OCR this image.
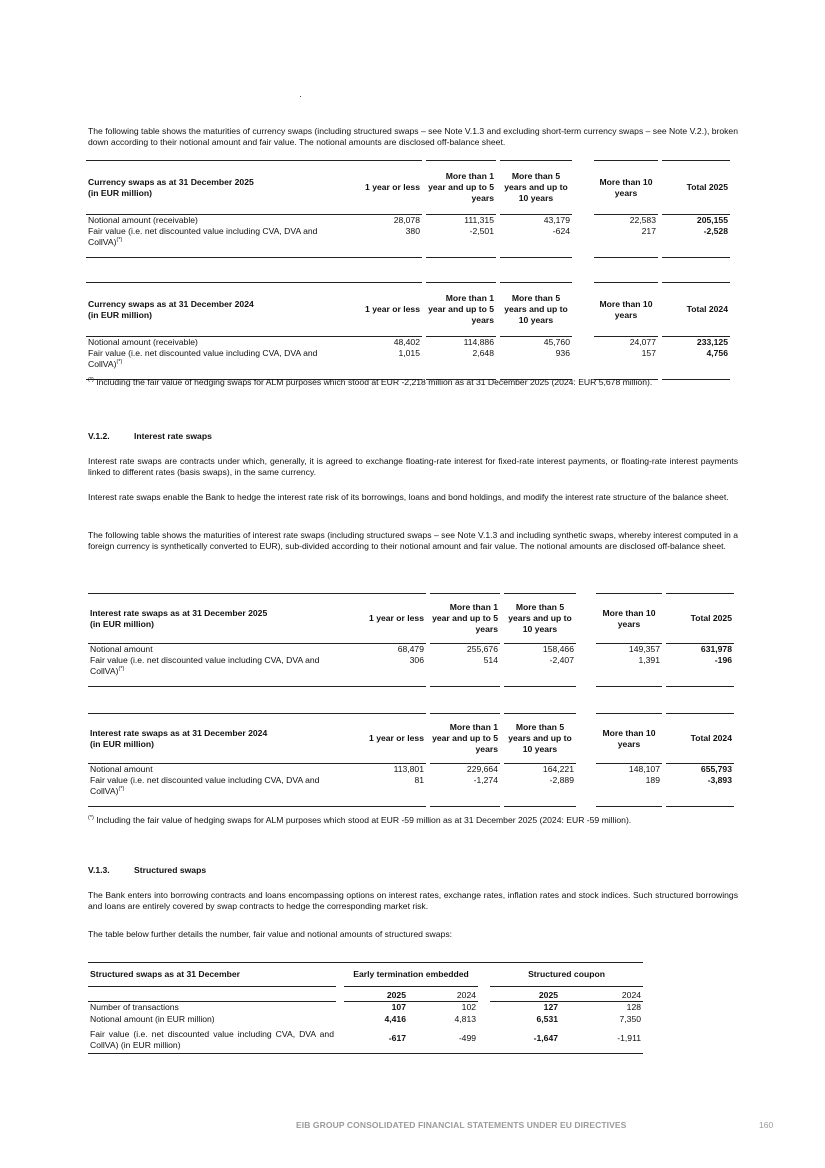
The following table shows the maturities of currency swaps (including structured swaps – see Note V.1.3 and excluding short-term currency swaps – see Note V.2.), broken down according to their notional amount and fair value. The notional amounts are disclosed off-balance sheet.

Currency swaps as at 31 December 2025
(in EUR million)	1 year or less		More than 1 year and up to 5 years		More than 5 years and up to 10 years		More than 10 years		Total 2025
Notional amount (receivable)	28,078		111,315		43,179		22,583		205,155
Fair value (i.e. net discounted value including CVA, DVA and CollVA)(*)	380		-2,501		-624		217		-2,528
Currency swaps as at 31 December 2024
(in EUR million)	1 year or less		More than 1 year and up to 5 years		More than 5 years and up to 10 years		More than 10 years		Total 2024
Notional amount (receivable)	48,402		114,886		45,760		24,077		233,125
Fair value (i.e. net discounted value including CVA, DVA and CollVA)(*)	1,015		2,648		936		157		4,756

(*) Including the fair value of hedging swaps for ALM purposes which stood at EUR -2,218 million as at 31 December 2025 (2024: EUR 5,678 million).

V.1.2.	Interest rate swaps

Interest rate swaps are contracts under which, generally, it is agreed to exchange floating-rate interest for fixed-rate interest payments, or floating-rate interest payments linked to different rates (basis swaps), in the same currency.

Interest rate swaps enable the Bank to hedge the interest rate risk of its borrowings, loans and bond holdings, and modify the interest rate structure of the balance sheet.

The following table shows the maturities of interest rate swaps (including structured swaps – see Note V.1.3 and including synthetic swaps, whereby interest computed in a foreign currency is synthetically converted to EUR), sub-divided according to their notional amount and fair value. The notional amounts are disclosed off-balance sheet.

Interest rate swaps as at 31 December 2025
(in EUR million)	1 year or less		More than 1 year and up to 5 years		More than 5 years and up to 10 years		More than 10 years		Total 2025
Notional amount	68,479		255,676		158,466		149,357		631,978
Fair value (i.e. net discounted value including CVA, DVA and CollVA)(*)	306		514		-2,407		1,391		-196
Interest rate swaps as at 31 December 2024
(in EUR million)	1 year or less		More than 1 year and up to 5 years		More than 5 years and up to 10 years		More than 10 years		Total 2024
Notional amount	113,801		229,664		164,221		148,107		655,793
Fair value (i.e. net discounted value including CVA, DVA and CollVA)(*)	81		-1,274		-2,889		189		-3,893

(*) Including the fair value of hedging swaps for ALM purposes which stood at EUR -59 million as at 31 December 2025 (2024: EUR -59 million).

V.1.3.	Structured swaps

The Bank enters into borrowing contracts and loans encompassing options on interest rates, exchange rates, inflation rates and stock indices. Such structured borrowings and loans are entirely covered by swap contracts to hedge the corresponding market risk.

The table below further details the number, fair value and notional amounts of structured swaps:

Structured swaps as at 31 December		Early termination embedded			Structured coupon	
		2025	2024		2025	2024
Number of transactions		107	102		127	128
Notional amount (in EUR million)		4,416	4,813		6,531	7,350
Fair value (i.e. net discounted value including CVA, DVA and CollVA) (in EUR million)		-617	-499		-1,647	-1,911
EIB GROUP CONSOLIDATED FINANCIAL STATEMENTS UNDER EU DIRECTIVES	160
